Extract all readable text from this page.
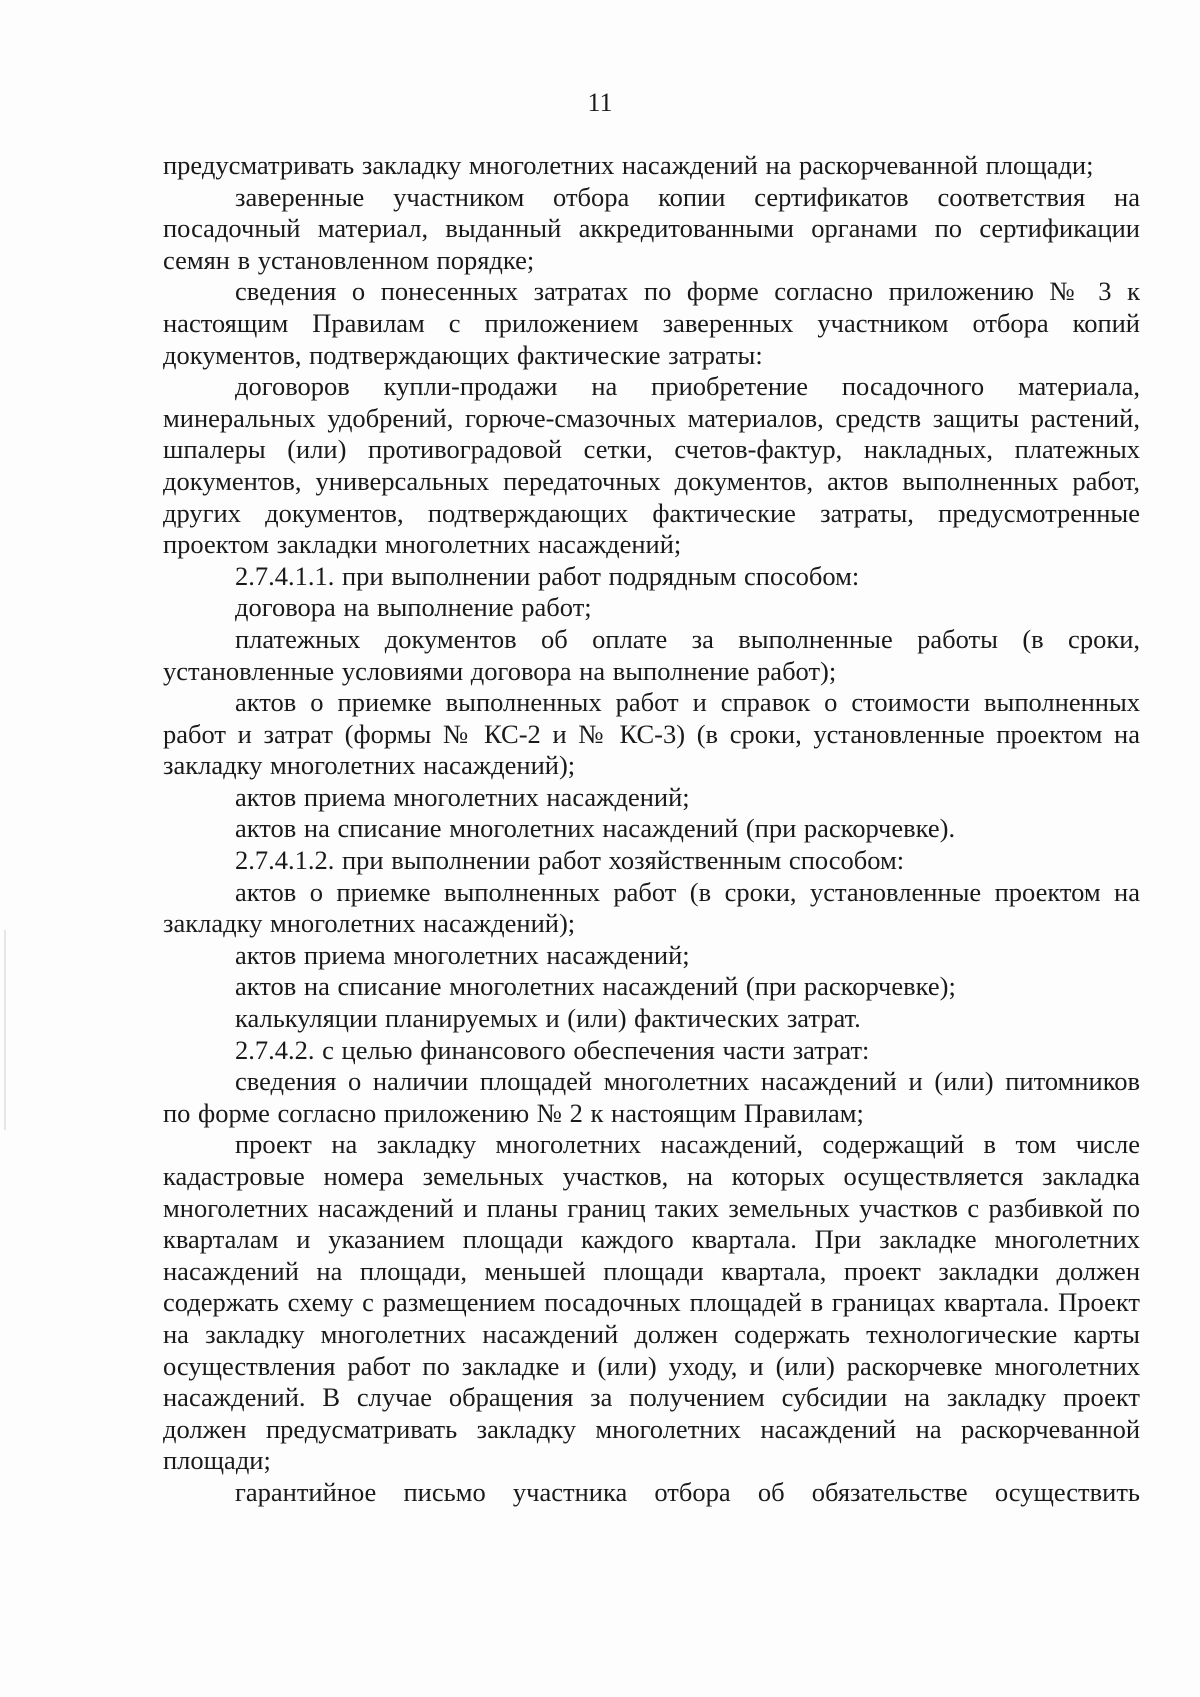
11

предусматривать закладку многолетних насаждений на раскорчеванной площади;

заверенные участником отбора копии сертификатов соответствия на посадочный материал, выданный аккредитованными органами по сертификации семян в установленном порядке;

сведения о понесенных затратах по форме согласно приложению № 3 к настоящим Правилам с приложением заверенных участником отбора копий документов, подтверждающих фактические затраты:

договоров купли-продажи на приобретение посадочного материала, минеральных удобрений, горюче-смазочных материалов, средств защиты растений, шпалеры (или) противоградовой сетки, счетов-фактур, накладных, платежных документов, универсальных передаточных документов, актов выполненных работ, других документов, подтверждающих фактические затраты, предусмотренные проектом закладки многолетних насаждений;

2.7.4.1.1. при выполнении работ подрядным способом:

договора на выполнение работ;

платежных документов об оплате за выполненные работы (в сроки, установленные условиями договора на выполнение работ);

актов о приемке выполненных работ и справок о стоимости выполненных работ и затрат (формы № КС-2 и № КС-3) (в сроки, установленные проектом на закладку многолетних насаждений);

актов приема многолетних насаждений;

актов на списание многолетних насаждений (при раскорчевке).

2.7.4.1.2. при выполнении работ хозяйственным способом:

актов о приемке выполненных работ (в сроки, установленные проектом на закладку многолетних насаждений);

актов приема многолетних насаждений;

актов на списание многолетних насаждений (при раскорчевке);

калькуляции планируемых и (или) фактических затрат.

2.7.4.2. с целью финансового обеспечения части затрат:

сведения о наличии площадей многолетних насаждений и (или) питомников по форме согласно приложению № 2 к настоящим Правилам;

проект на закладку многолетних насаждений, содержащий в том числе кадастровые номера земельных участков, на которых осуществляется закладка многолетних насаждений и планы границ таких земельных участков с разбивкой по кварталам и указанием площади каждого квартала. При закладке многолетних насаждений на площади, меньшей площади квартала, проект закладки должен содержать схему с размещением посадочных площадей в границах квартала. Проект на закладку многолетних насаждений должен содержать технологические карты осуществления работ по закладке и (или) уходу, и (или) раскорчевке многолетних насаждений. В случае обращения за получением субсидии на закладку проект должен предусматривать закладку многолетних насаждений на раскорчеванной площади;

гарантийное письмо участника отбора об обязательстве осуществить
